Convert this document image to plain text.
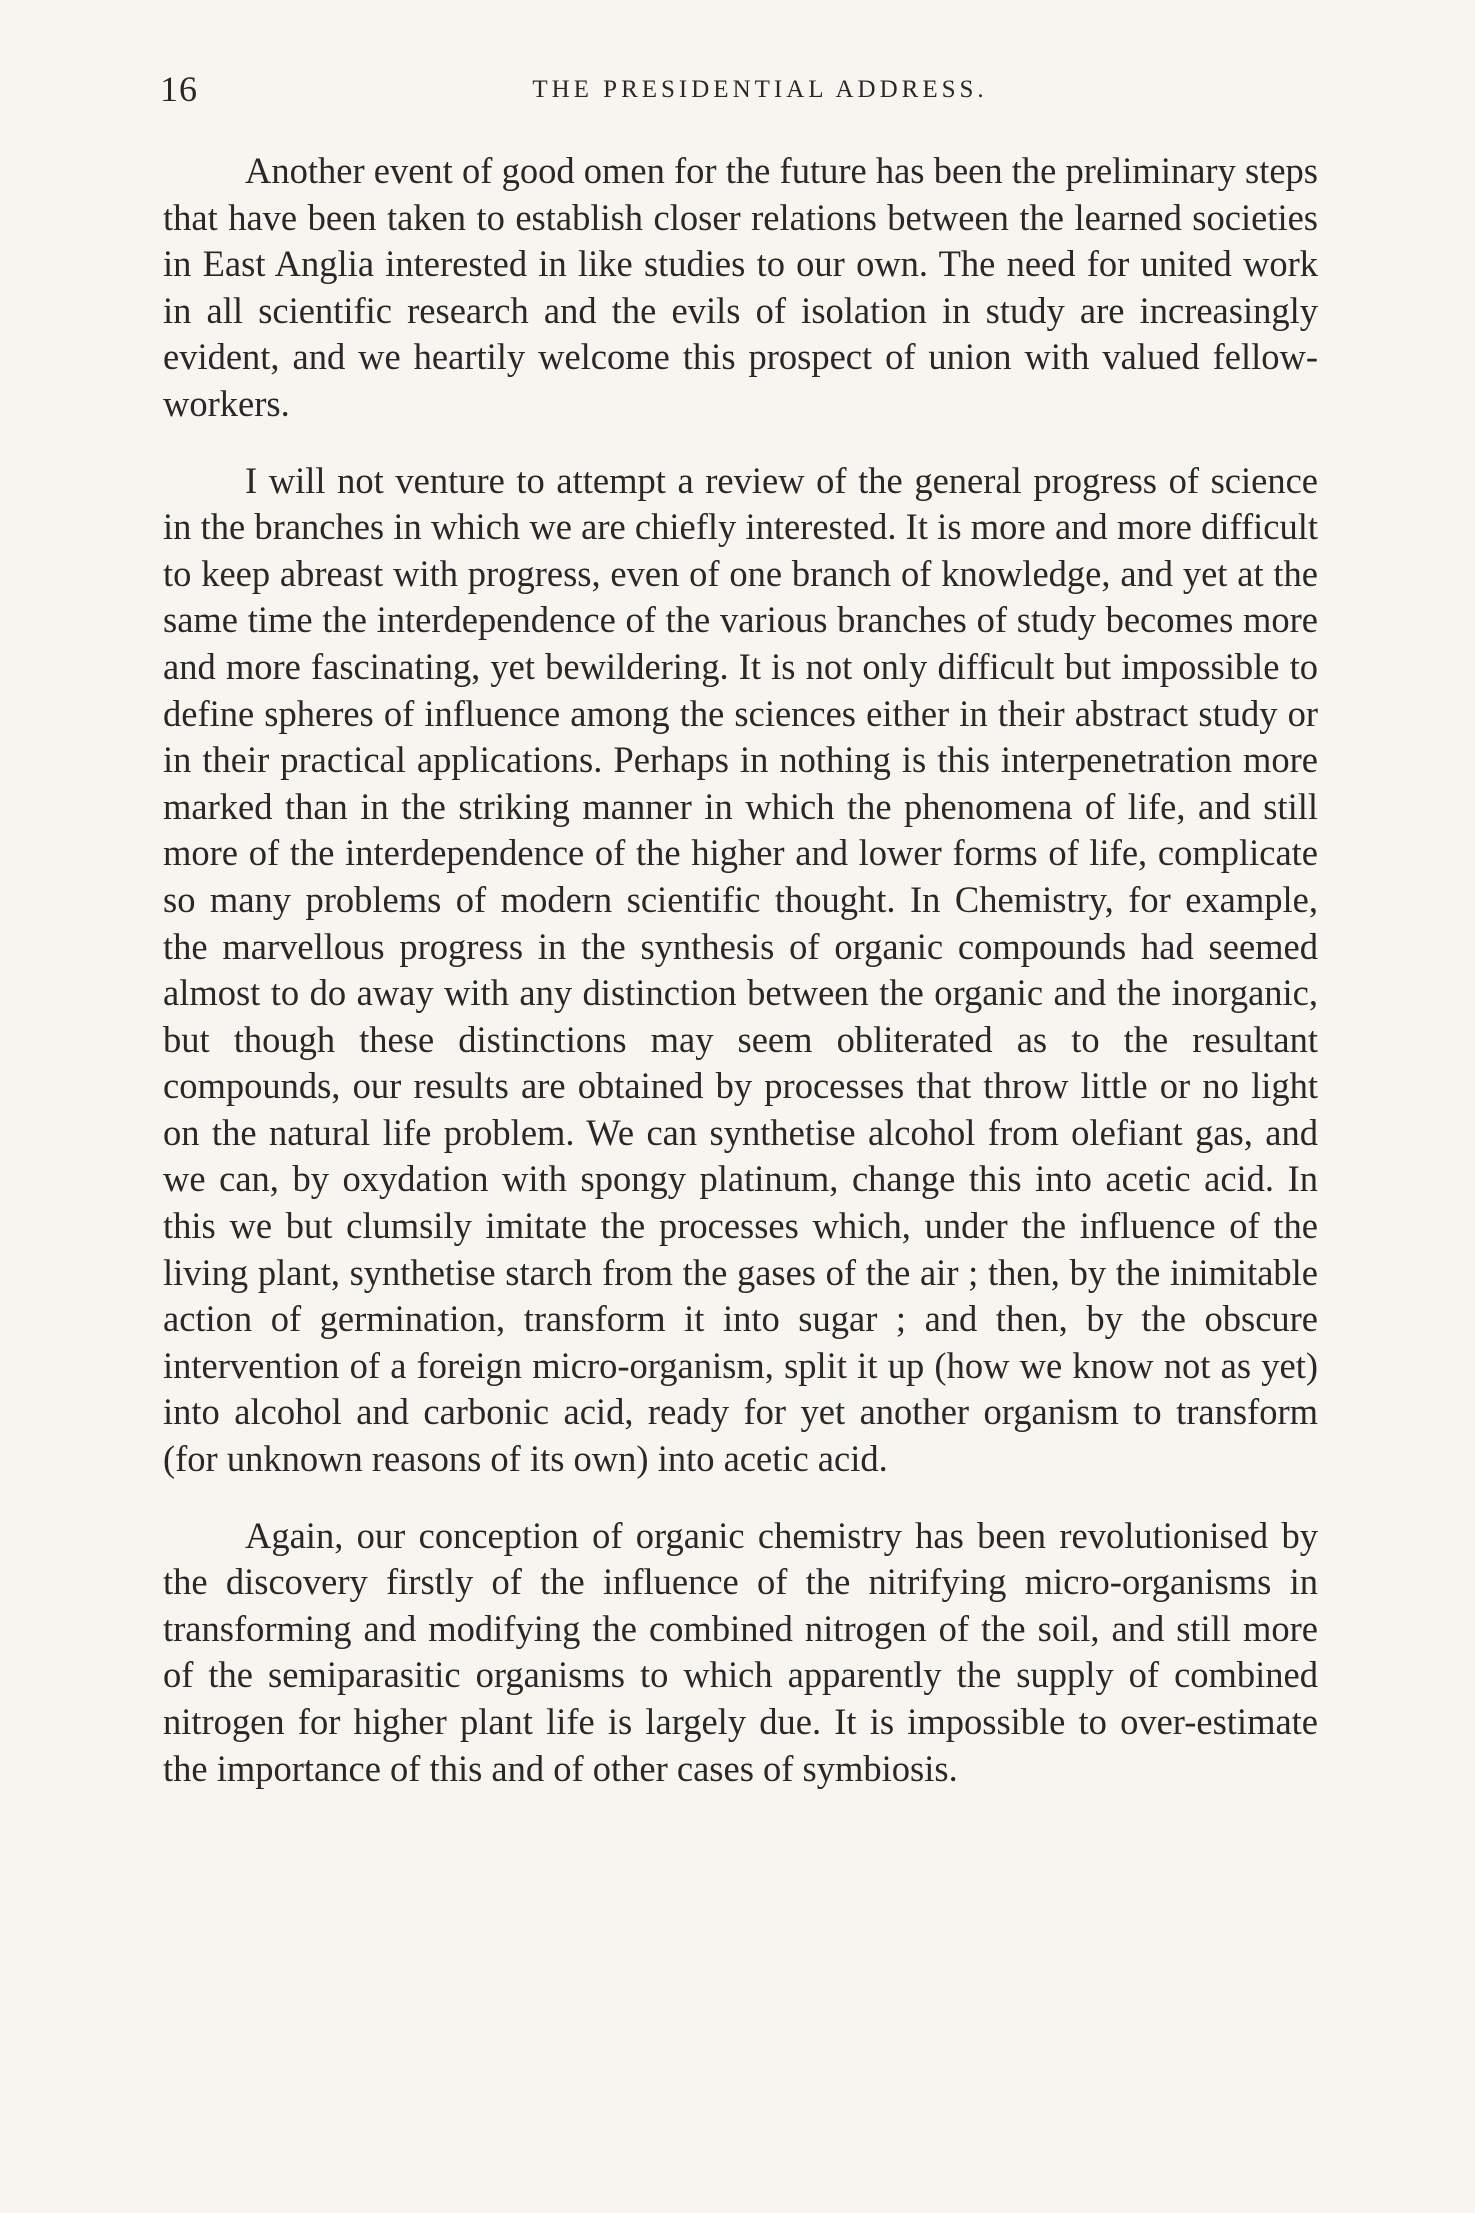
16	THE PRESIDENTIAL ADDRESS.

Another event of good omen for the future has been the preliminary steps that have been taken to establish closer relations between the learned societies in East Anglia interested in like studies to our own. The need for united work in all scientific research and the evils of isolation in study are increasingly evident, and we heartily welcome this prospect of union with valued fellow-workers.

I will not venture to attempt a review of the general progress of science in the branches in which we are chiefly interested. It is more and more difficult to keep abreast with progress, even of one branch of knowledge, and yet at the same time the interdependence of the various branches of study becomes more and more fascinating, yet bewildering. It is not only difficult but impossible to define spheres of influence among the sciences either in their abstract study or in their practical applications. Perhaps in nothing is this interpenetration more marked than in the striking manner in which the phenomena of life, and still more of the interdependence of the higher and lower forms of life, complicate so many problems of modern scientific thought. In Chemistry, for example, the marvellous progress in the synthesis of organic compounds had seemed almost to do away with any distinction between the organic and the inorganic, but though these distinctions may seem obliterated as to the resultant compounds, our results are obtained by processes that throw little or no light on the natural life problem. We can synthetise alcohol from olefiant gas, and we can, by oxydation with spongy platinum, change this into acetic acid. In this we but clumsily imitate the processes which, under the influence of the living plant, synthetise starch from the gases of the air ; then, by the inimitable action of germination, transform it into sugar ; and then, by the obscure intervention of a foreign micro-organism, split it up (how we know not as yet) into alcohol and carbonic acid, ready for yet another organism to transform (for unknown reasons of its own) into acetic acid.

Again, our conception of organic chemistry has been revolutionised by the discovery firstly of the influence of the nitrifying micro-organisms in transforming and modifying the combined nitrogen of the soil, and still more of the semiparasitic organisms to which apparently the supply of combined nitrogen for higher plant life is largely due. It is impossible to over-estimate the importance of this and of other cases of symbiosis.
